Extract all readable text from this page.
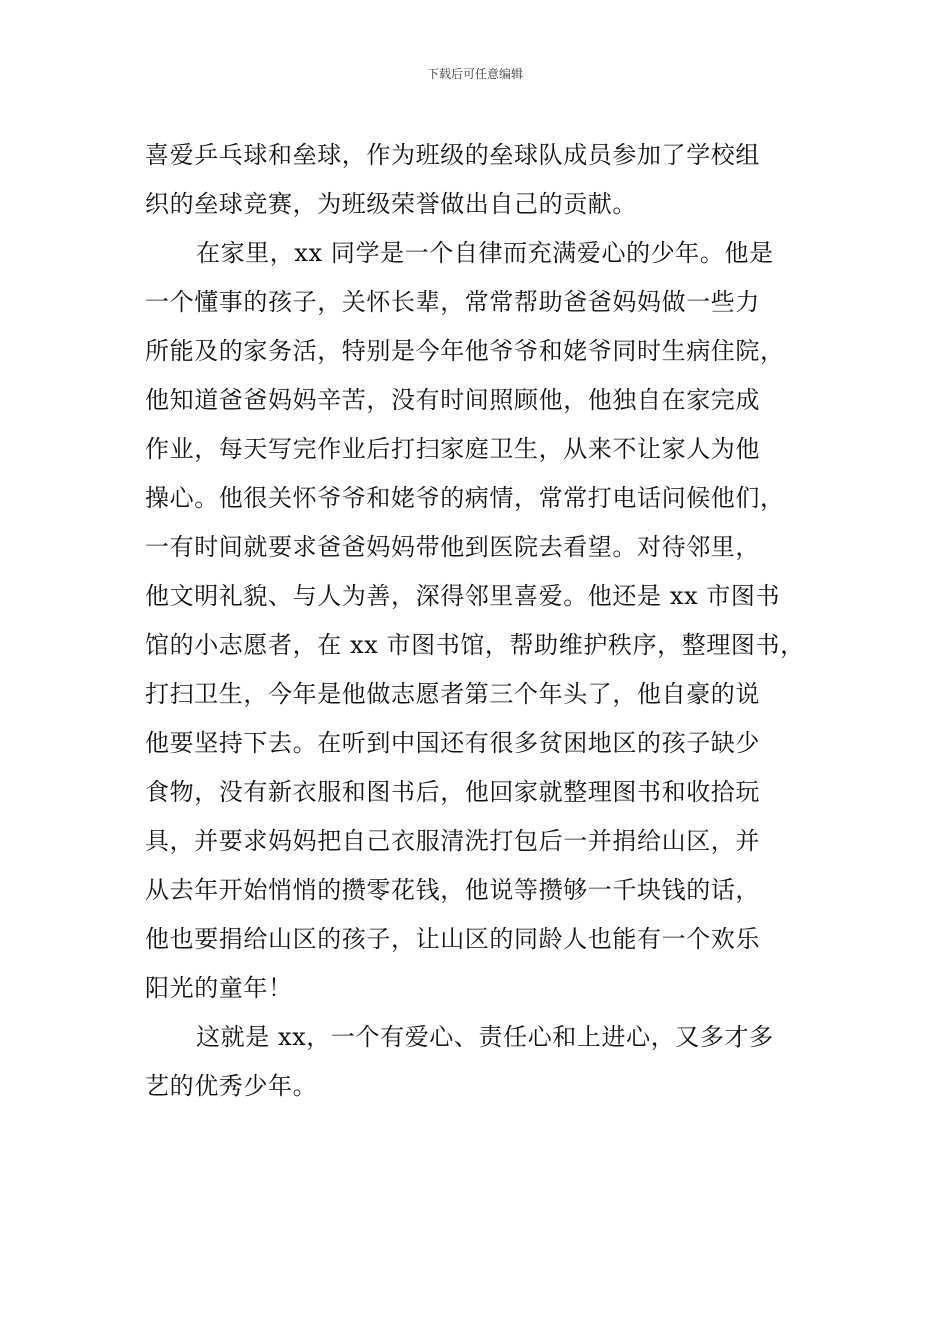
下载后可任意编辑
喜爱乒乓球和垒球，作为班级的垒球队成员参加了学校组
织的垒球竞赛，为班级荣誉做出自己的贡献。
在家里，xx 同学是一个自律而充满爱心的少年。他是
一个懂事的孩子，关怀长辈，常常帮助爸爸妈妈做一些力
所能及的家务活，特别是今年他爷爷和姥爷同时生病住院，
他知道爸爸妈妈辛苦，没有时间照顾他，他独自在家完成
作业，每天写完作业后打扫家庭卫生，从来不让家人为他
操心。他很关怀爷爷和姥爷的病情，常常打电话问候他们，
一有时间就要求爸爸妈妈带他到医院去看望。对待邻里，
他文明礼貌、与人为善，深得邻里喜爱。他还是 xx 市图书
馆的小志愿者，在 xx 市图书馆，帮助维护秩序，整理图书，
打扫卫生，今年是他做志愿者第三个年头了，他自豪的说
他要坚持下去。在听到中国还有很多贫困地区的孩子缺少
食物，没有新衣服和图书后，他回家就整理图书和收拾玩
具，并要求妈妈把自己衣服清洗打包后一并捐给山区，并
从去年开始悄悄的攒零花钱，他说等攒够一千块钱的话，
他也要捐给山区的孩子，让山区的同龄人也能有一个欢乐
阳光的童年！
这就是 xx，一个有爱心、责任心和上进心，又多才多
艺的优秀少年。
